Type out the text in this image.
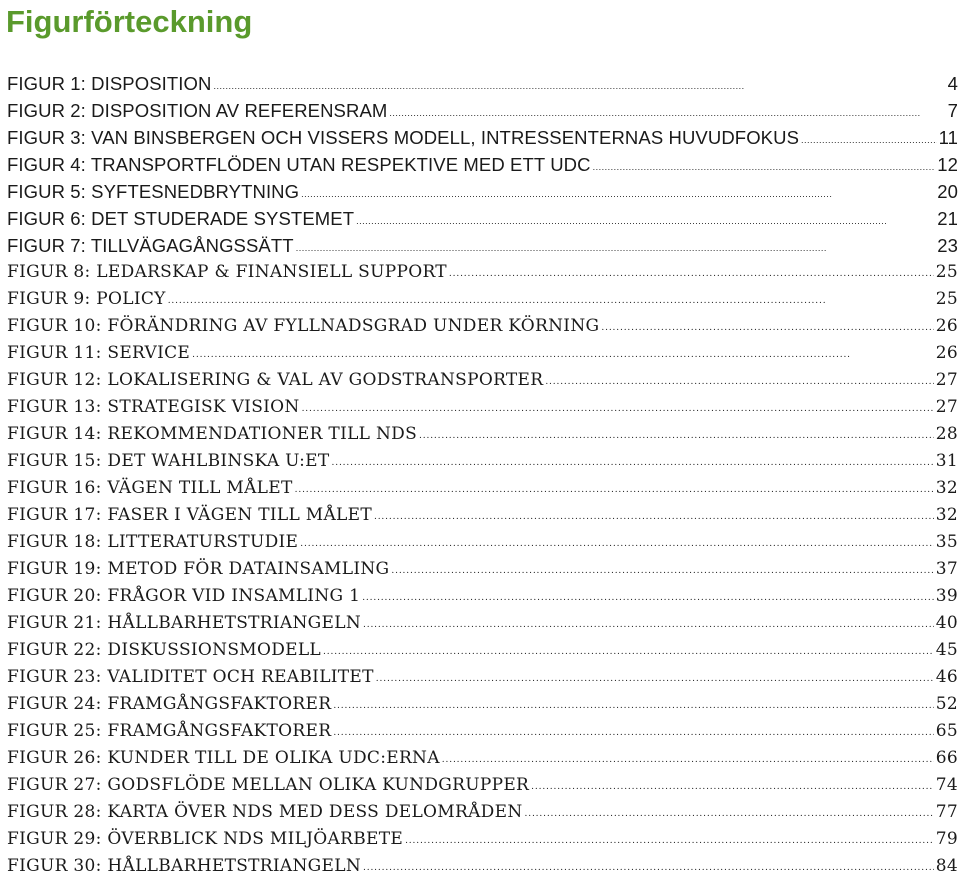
Figurförteckning
FIGUR 1: DISPOSITION . . .	4
FIGUR 2: DISPOSITION AV REFERENSRAM . . .	7
FIGUR 3: VAN BINSBERGEN OCH VISSERS MODELL, INTRESSENTERNAS HUVUDFOKUS . . .	11
FIGUR 4: TRANSPORTFLÖDEN UTAN RESPEKTIVE MED ETT UDC . . .	12
FIGUR 5: SYFTESNEDBRYTNING . . .	20
FIGUR 6: DET STUDERADE SYSTEMET . . .	21
FIGUR 7: TILLVÄGAGÅNGSSÄTT . . .	23
FIGUR 8: LEDARSKAP & FINANSIELL SUPPORT . . .	25
FIGUR 9: POLICY . . .	25
FIGUR 10: FÖRÄNDRING AV FYLLNADSGRAD UNDER KÖRNING . . .	26
FIGUR 11: SERVICE . . .	26
FIGUR 12: LOKALISERING & VAL AV GODSTRANSPORTER . . .	27
FIGUR 13: STRATEGISK VISION . . .	27
FIGUR 14: REKOMMENDATIONER TILL NDS . . .	28
FIGUR 15: DET WAHLBINSKA U:ET . . .	31
FIGUR 16: VÄGEN TILL MÅLET . . .	32
FIGUR 17: FASER I VÄGEN TILL MÅLET . . .	32
FIGUR 18: LITTERATURSTUDIE . . .	35
FIGUR 19: METOD FÖR DATAINSAMLING . . .	37
FIGUR 20: FRÅGOR VID INSAMLING 1 . . .	39
FIGUR 21: HÅLLBARHETSTRIANGELN . . .	40
FIGUR 22: DISKUSSIONSMODELL . . .	45
FIGUR 23: VALIDITET OCH REABILITET . . .	46
FIGUR 24: FRAMGÅNGSFAKTORER . . .	52
FIGUR 25: FRAMGÅNGSFAKTORER . . .	65
FIGUR 26: KUNDER TILL DE OLIKA UDC:ERNA . . .	66
FIGUR 27: GODSFLÖDE MELLAN OLIKA KUNDGRUPPER . . .	74
FIGUR 28: KARTA ÖVER NDS MED DESS DELOMRÅDEN . . .	77
FIGUR 29: ÖVERBLICK NDS MILJÖARBETE . . .	79
FIGUR 30: HÅLLBARHETSTRIANGELN . . .	84
